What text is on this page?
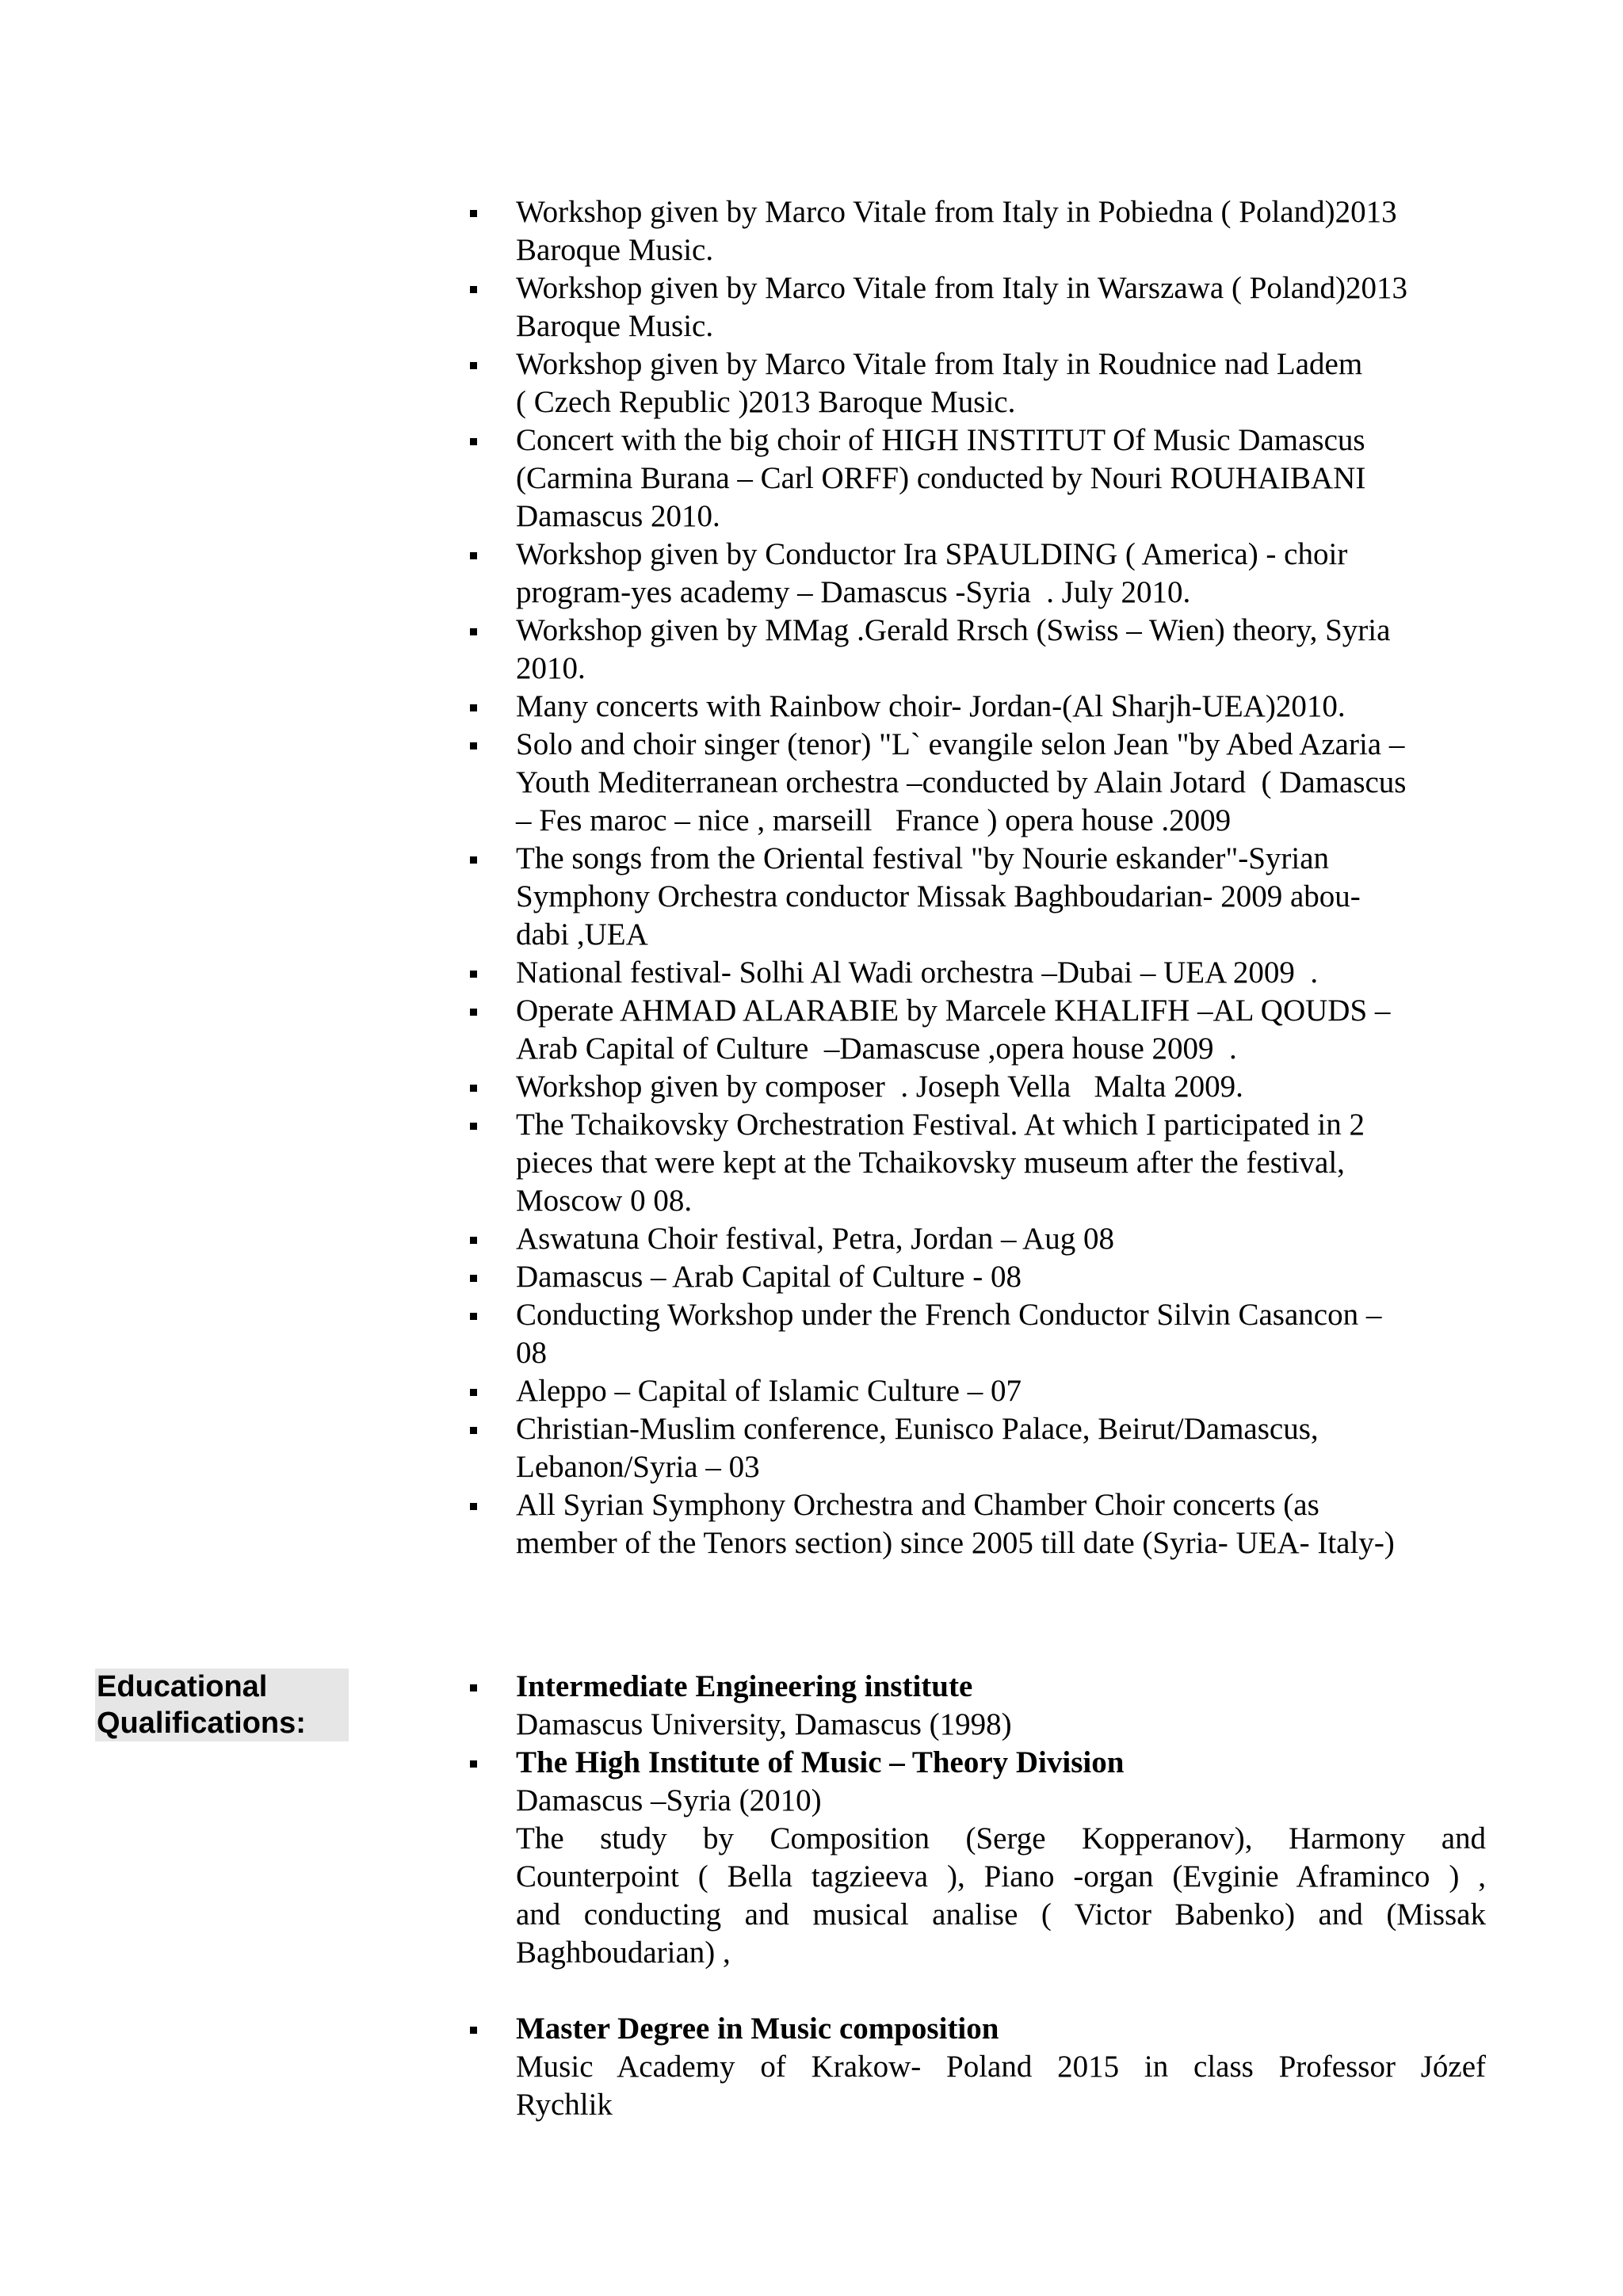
Workshop given by Marco Vitale from Italy in Pobiedna ( Poland)2013
Baroque Music.
Workshop given by Marco Vitale from Italy in Warszawa ( Poland)2013
Baroque Music.
Workshop given by Marco Vitale from Italy in Roudnice nad Ladem
( Czech Republic )2013 Baroque Music.
Concert with the big choir of HIGH INSTITUT Of Music Damascus
(Carmina Burana – Carl ORFF) conducted by Nouri ROUHAIBANI
Damascus 2010.
Workshop given by Conductor Ira SPAULDING ( America) - choir
program-yes academy – Damascus -Syria  . July 2010.
Workshop given by MMag .Gerald Rrsch (Swiss – Wien) theory, Syria
2010.
Many concerts with Rainbow choir- Jordan-(Al Sharjh-UEA)2010.
Solo and choir singer (tenor) "L` evangile selon Jean "by Abed Azaria –
Youth Mediterranean orchestra –conducted by Alain Jotard  ( Damascus
– Fes maroc – nice , marseill   France ) opera house .2009
The songs from the Oriental festival "by Nourie eskander"-Syrian
Symphony Orchestra conductor Missak Baghboudarian- 2009 abou-
dabi ,UEA
National festival- Solhi Al Wadi orchestra –Dubai – UEA 2009  .
Operate AHMAD ALARABIE by Marcele KHALIFH –AL QOUDS –
Arab Capital of Culture  –Damascuse ,opera house 2009  .
Workshop given by composer  . Joseph Vella   Malta 2009.
The Tchaikovsky Orchestration Festival. At which I participated in 2
pieces that were kept at the Tchaikovsky museum after the festival,
Moscow 0 08.
Aswatuna Choir festival, Petra, Jordan – Aug 08
Damascus – Arab Capital of Culture - 08
Conducting Workshop under the French Conductor Silvin Casancon –
08
Aleppo – Capital of Islamic Culture – 07
Christian-Muslim conference, Eunisco Palace, Beirut/Damascus,
Lebanon/Syria – 03
All Syrian Symphony Orchestra and Chamber Choir concerts (as
member of the Tenors section) since 2005 till date (Syria- UEA- Italy-)
Educational
Qualifications:
Intermediate Engineering institute
Damascus University, Damascus (1998)
The High Institute of Music – Theory Division
Damascus –Syria (2010)
The study by Composition (Serge Kopperanov), Harmony and
Counterpoint ( Bella tagzieeva ), Piano -organ (Evginie Aframinco ) ,
and conducting and musical analise ( Victor Babenko) and (Missak
Baghboudarian) ,
Master Degree in Music composition
Music Academy of Krakow- Poland 2015 in class Professor Józef
Rychlik
